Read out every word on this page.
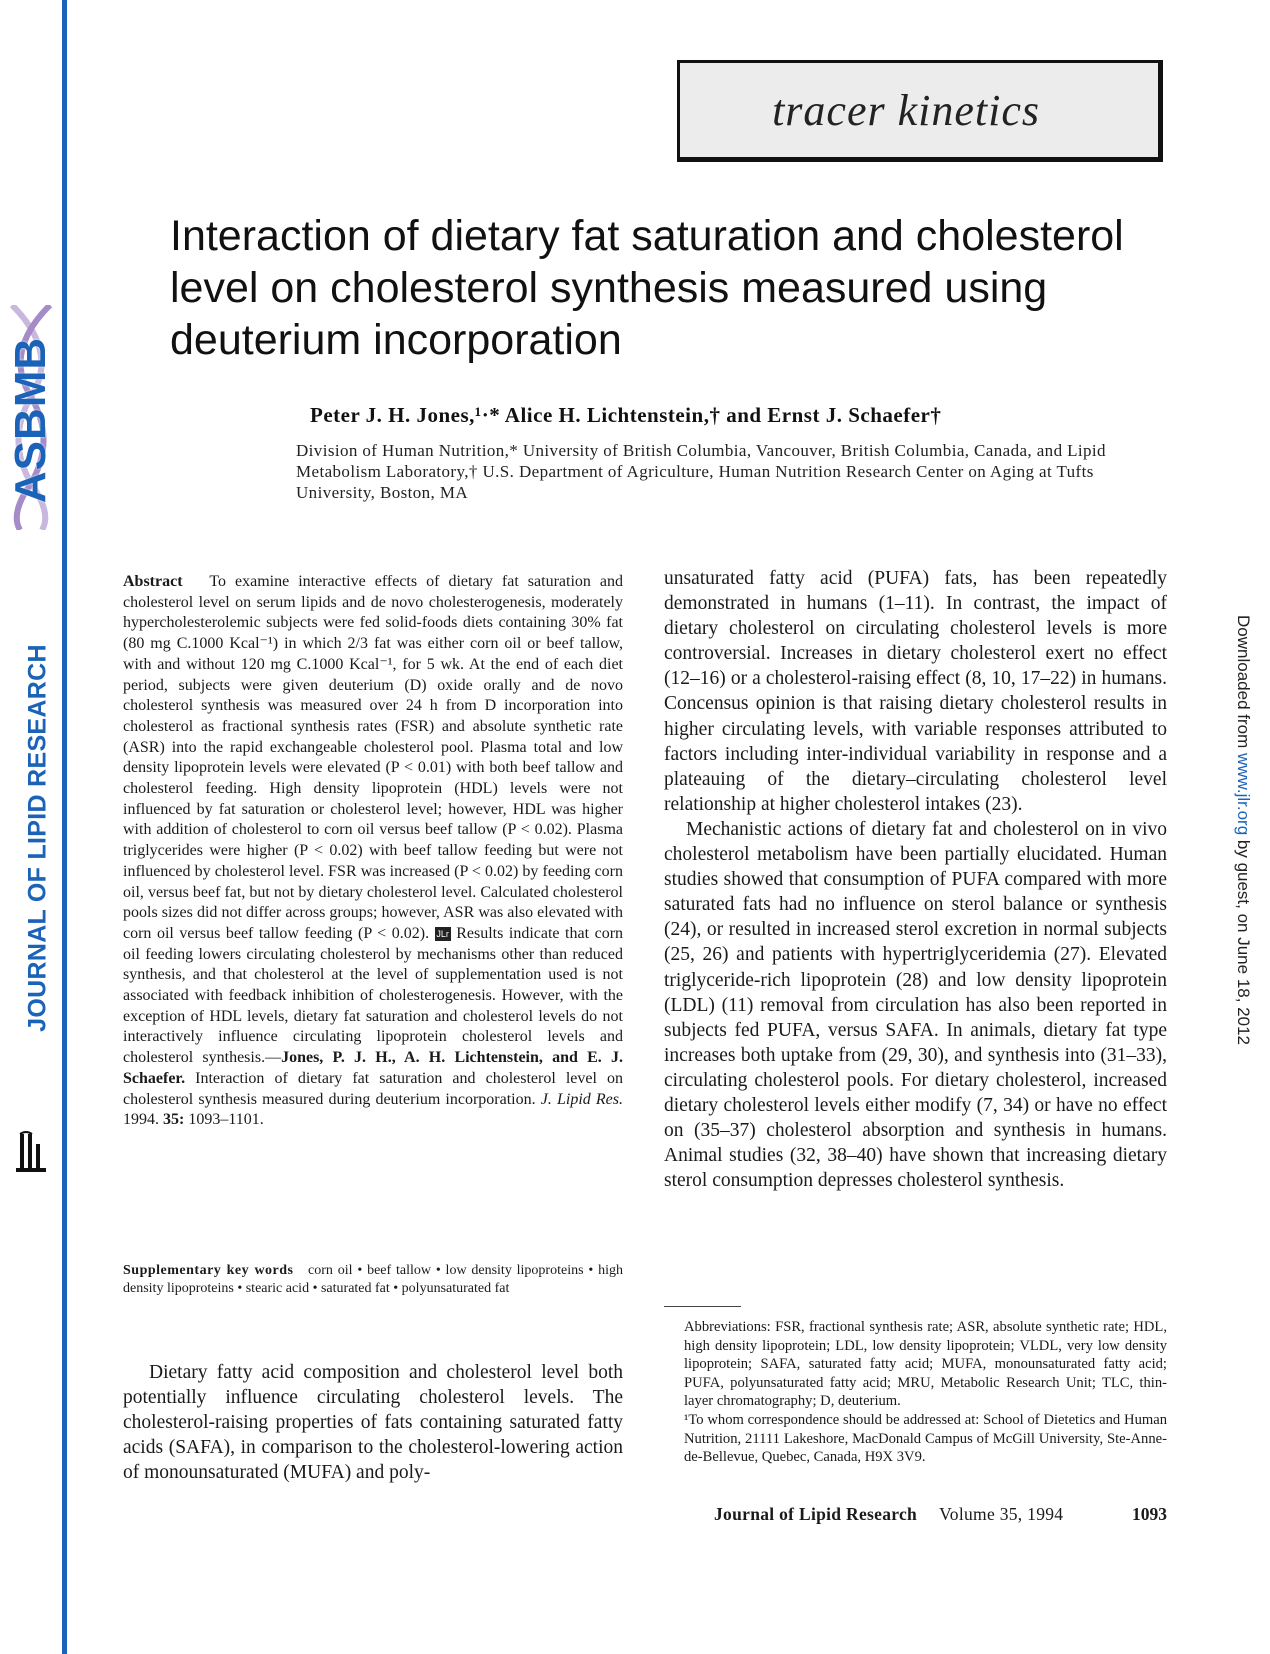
ASBMB
JOURNAL OF LIPID RESEARCH	Downloaded from www.jlr.org by guest, on June 18, 2012
tracer kinetics
Interaction of dietary fat saturation and cholesterol level on cholesterol synthesis measured using deuterium incorporation
Peter J. H. Jones,¹·* Alice H. Lichtenstein,† and Ernst J. Schaefer†
Division of Human Nutrition,* University of British Columbia, Vancouver, British Columbia, Canada, and Lipid Metabolism Laboratory,† U.S. Department of Agriculture, Human Nutrition Research Center on Aging at Tufts University, Boston, MA
Abstract To examine interactive effects of dietary fat saturation and cholesterol level on serum lipids and de novo cholesterogenesis, moderately hypercholesterolemic subjects were fed solid-foods diets containing 30% fat (80 mg C.1000 Kcal⁻¹) in which 2/3 fat was either corn oil or beef tallow, with and without 120 mg C.1000 Kcal⁻¹, for 5 wk. At the end of each diet period, subjects were given deuterium (D) oxide orally and de novo cholesterol synthesis was measured over 24 h from D incorporation into cholesterol as fractional synthesis rates (FSR) and absolute synthetic rate (ASR) into the rapid exchangeable cholesterol pool. Plasma total and low density lipoprotein levels were elevated (P < 0.01) with both beef tallow and cholesterol feeding. High density lipoprotein (HDL) levels were not influenced by fat saturation or cholesterol level; however, HDL was higher with addition of cholesterol to corn oil versus beef tallow (P < 0.02). Plasma triglycerides were higher (P < 0.02) with beef tallow feeding but were not influenced by cholesterol level. FSR was increased (P < 0.02) by feeding corn oil, versus beef fat, but not by dietary cholesterol level. Calculated cholesterol pools sizes did not differ across groups; however, ASR was also elevated with corn oil versus beef tallow feeding (P < 0.02). JLr Results indicate that corn oil feeding lowers circulating cholesterol by mechanisms other than reduced synthesis, and that cholesterol at the level of supplementation used is not associated with feedback inhibition of cholesterogenesis. However, with the exception of HDL levels, dietary fat saturation and cholesterol levels do not interactively influence circulating lipoprotein cholesterol levels and cholesterol synthesis.—Jones, P. J. H., A. H. Lichtenstein, and E. J. Schaefer. Interaction of dietary fat saturation and cholesterol level on cholesterol synthesis measured during deuterium incorporation. J. Lipid Res. 1994. 35: 1093–1101.
Supplementary key words corn oil • beef tallow • low density lipoproteins • high density lipoproteins • stearic acid • saturated fat • polyunsaturated fat

Dietary fatty acid composition and cholesterol level both potentially influence circulating cholesterol levels. The cholesterol-raising properties of fats containing saturated fatty acids (SAFA), in comparison to the cholesterol-lowering action of monounsaturated (MUFA) and poly-

unsaturated fatty acid (PUFA) fats, has been repeatedly demonstrated in humans (1–11). In contrast, the impact of dietary cholesterol on circulating cholesterol levels is more controversial. Increases in dietary cholesterol exert no effect (12–16) or a cholesterol-raising effect (8, 10, 17–22) in humans. Concensus opinion is that raising dietary cholesterol results in higher circulating levels, with variable responses attributed to factors including inter-individual variability in response and a plateauing of the dietary–circulating cholesterol level relationship at higher cholesterol intakes (23).

Mechanistic actions of dietary fat and cholesterol on in vivo cholesterol metabolism have been partially elucidated. Human studies showed that consumption of PUFA compared with more saturated fats had no influence on sterol balance or synthesis (24), or resulted in increased sterol excretion in normal subjects (25, 26) and patients with hypertriglyceridemia (27). Elevated triglyceride-rich lipoprotein (28) and low density lipoprotein (LDL) (11) removal from circulation has also been reported in subjects fed PUFA, versus SAFA. In animals, dietary fat type increases both uptake from (29, 30), and synthesis into (31–33), circulating cholesterol pools. For dietary cholesterol, increased dietary cholesterol levels either modify (7, 34) or have no effect on (35–37) cholesterol absorption and synthesis in humans. Animal studies (32, 38–40) have shown that increasing dietary sterol consumption depresses cholesterol synthesis.

Abbreviations: FSR, fractional synthesis rate; ASR, absolute synthetic rate; HDL, high density lipoprotein; LDL, low density lipoprotein; VLDL, very low density lipoprotein; SAFA, saturated fatty acid; MUFA, monounsaturated fatty acid; PUFA, polyunsaturated fatty acid; MRU, Metabolic Research Unit; TLC, thin-layer chromatography; D, deuterium.

¹To whom correspondence should be addressed at: School of Dietetics and Human Nutrition, 21111 Lakeshore, MacDonald Campus of McGill University, Ste-Anne-de-Bellevue, Quebec, Canada, H9X 3V9.

Journal of Lipid Research Volume 35, 1994	1093
